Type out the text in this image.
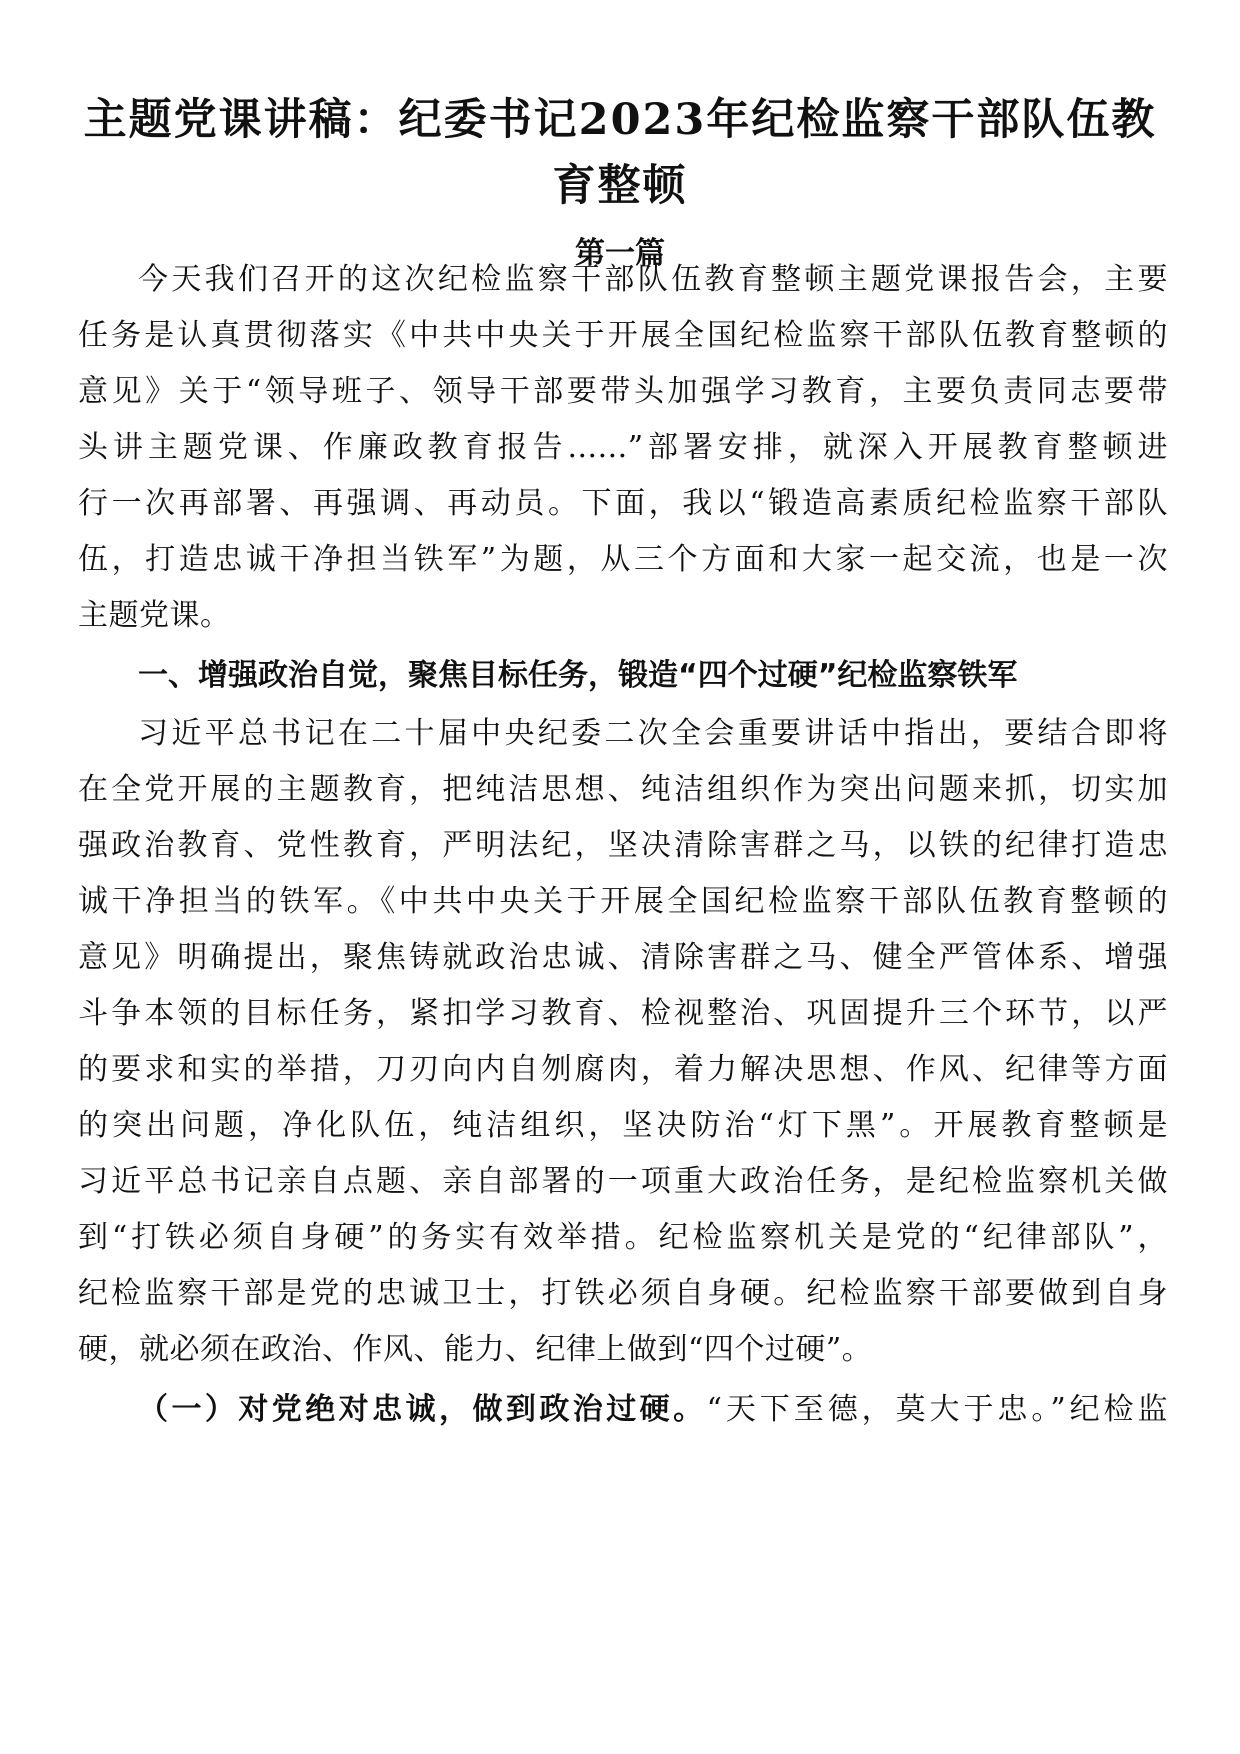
主题党课讲稿：纪委书记2023年纪检监察干部队伍教
育整顿
第一篇

今天我们召开的这次纪检监察干部队伍教育整顿主题党课报告会，主要

任务是认真贯彻落实《中共中央关于开展全国纪检监察干部队伍教育整顿的

意见》关于“领导班子、领导干部要带头加强学习教育，主要负责同志要带

头讲主题党课、作廉政教育报告......”部署安排，就深入开展教育整顿进

行一次再部署、再强调、再动员。下面，我以“锻造高素质纪检监察干部队

伍，打造忠诚干净担当铁军”为题，从三个方面和大家一起交流，也是一次

主题党课。

一、增强政治自觉，聚焦目标任务，锻造“四个过硬”纪检监察铁军

习近平总书记在二十届中央纪委二次全会重要讲话中指出，要结合即将

在全党开展的主题教育，把纯洁思想、纯洁组织作为突出问题来抓，切实加

强政治教育、党性教育，严明法纪，坚决清除害群之马，以铁的纪律打造忠

诚干净担当的铁军。《中共中央关于开展全国纪检监察干部队伍教育整顿的

意见》明确提出，聚焦铸就政治忠诚、清除害群之马、健全严管体系、增强

斗争本领的目标任务，紧扣学习教育、检视整治、巩固提升三个环节，以严

的要求和实的举措，刀刃向内自刎腐肉，着力解决思想、作风、纪律等方面

的突出问题，净化队伍，纯洁组织，坚决防治“灯下黑”。开展教育整顿是

习近平总书记亲自点题、亲自部署的一项重大政治任务，是纪检监察机关做

到“打铁必须自身硬”的务实有效举措。纪检监察机关是党的“纪律部队”，

纪检监察干部是党的忠诚卫士，打铁必须自身硬。纪检监察干部要做到自身

硬，就必须在政治、作风、能力、纪律上做到“四个过硬”。

（一）对党绝对忠诚，做到政治过硬。“天下至德，莫大于忠。”纪检监
